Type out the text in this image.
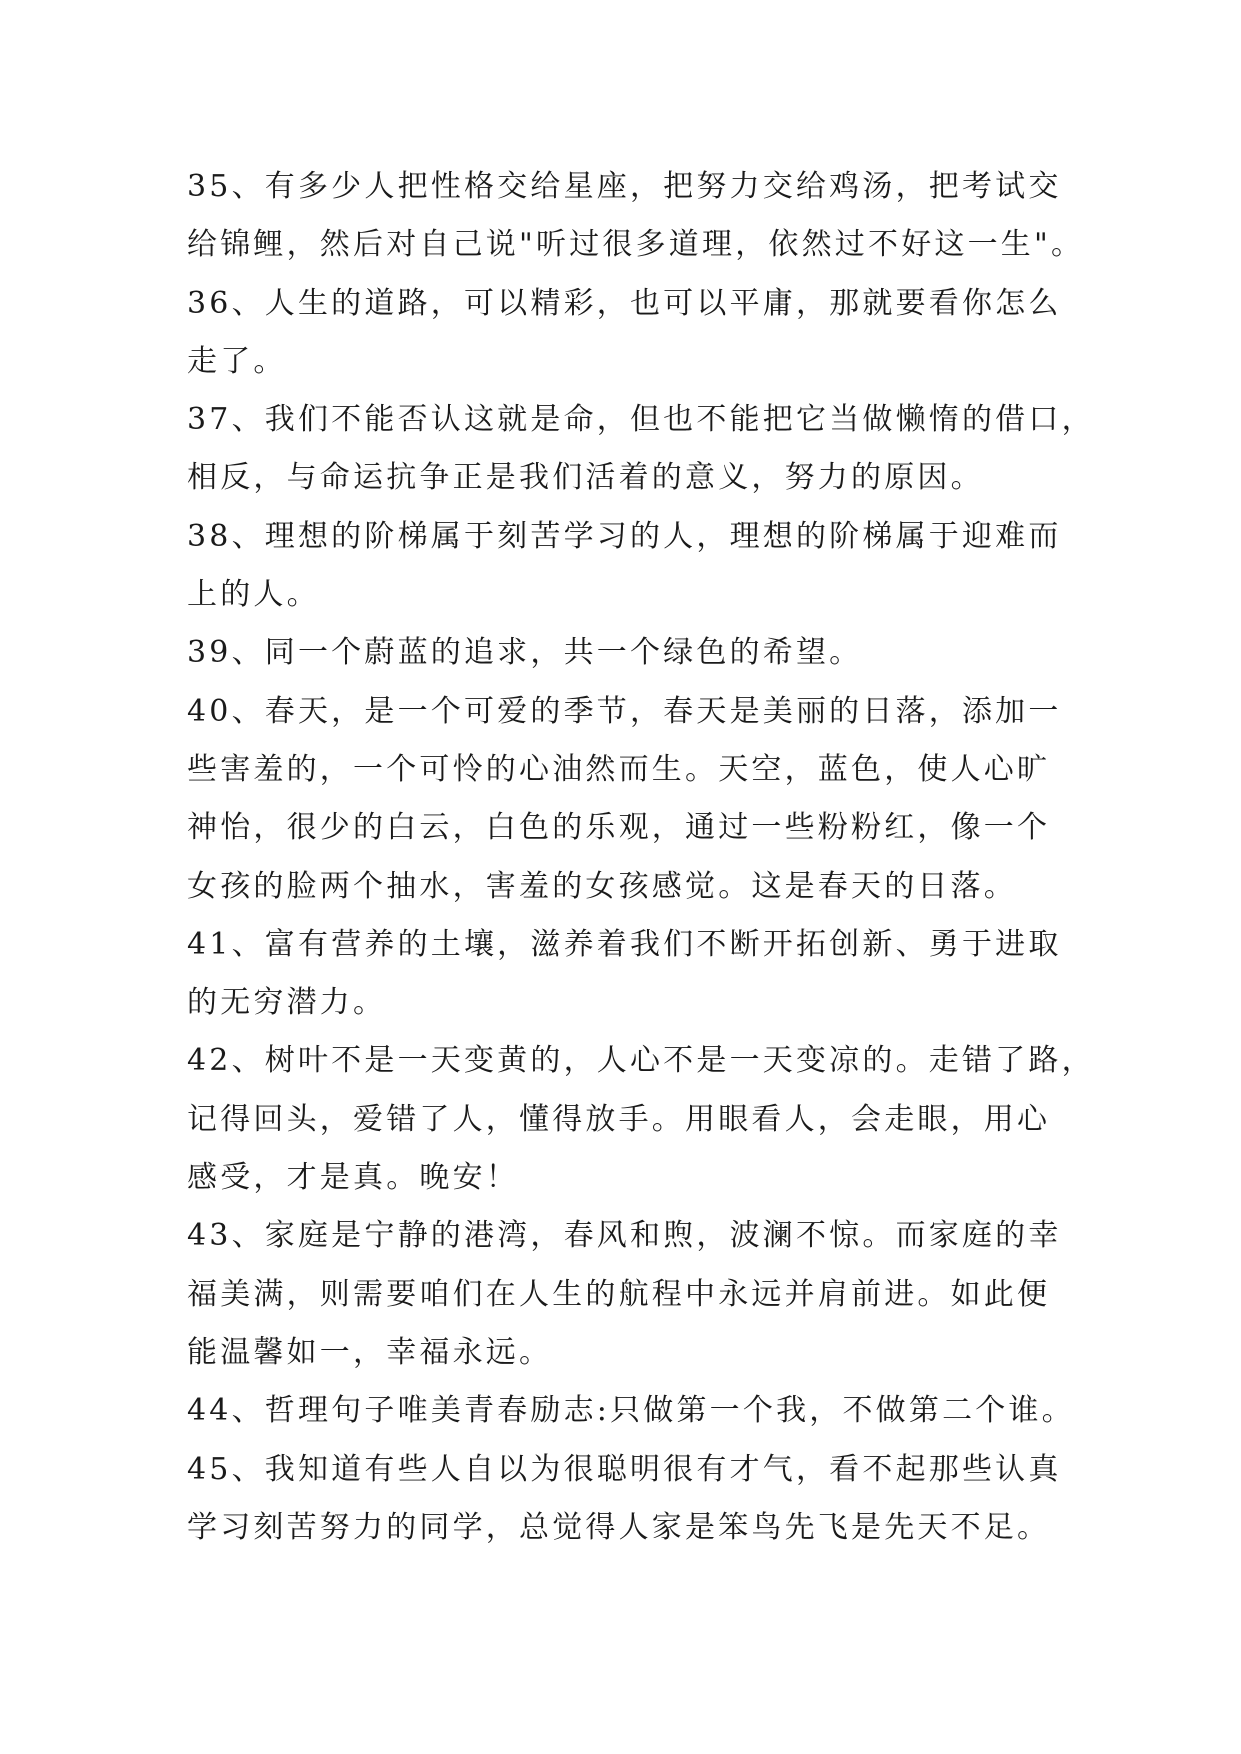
35、有多少人把性格交给星座，把努力交给鸡汤，把考试交
给锦鲤，然后对自己说"听过很多道理，依然过不好这一生"。
36、人生的道路，可以精彩，也可以平庸，那就要看你怎么
走了。
37、我们不能否认这就是命，但也不能把它当做懒惰的借口，
相反，与命运抗争正是我们活着的意义，努力的原因。
38、理想的阶梯属于刻苦学习的人，理想的阶梯属于迎难而
上的人。
39、同一个蔚蓝的追求，共一个绿色的希望。
40、春天，是一个可爱的季节，春天是美丽的日落，添加一
些害羞的，一个可怜的心油然而生。天空，蓝色，使人心旷
神怡，很少的白云，白色的乐观，通过一些粉粉红，像一个
女孩的脸两个抽水，害羞的女孩感觉。这是春天的日落。
41、富有营养的土壤，滋养着我们不断开拓创新、勇于进取
的无穷潜力。
42、树叶不是一天变黄的，人心不是一天变凉的。走错了路，
记得回头，爱错了人，懂得放手。用眼看人，会走眼，用心
感受，才是真。晚安！
43、家庭是宁静的港湾，春风和煦，波澜不惊。而家庭的幸
福美满，则需要咱们在人生的航程中永远并肩前进。如此便
能温馨如一，幸福永远。
44、哲理句子唯美青春励志:只做第一个我，不做第二个谁。
45、我知道有些人自以为很聪明很有才气，看不起那些认真
学习刻苦努力的同学，总觉得人家是笨鸟先飞是先天不足。
